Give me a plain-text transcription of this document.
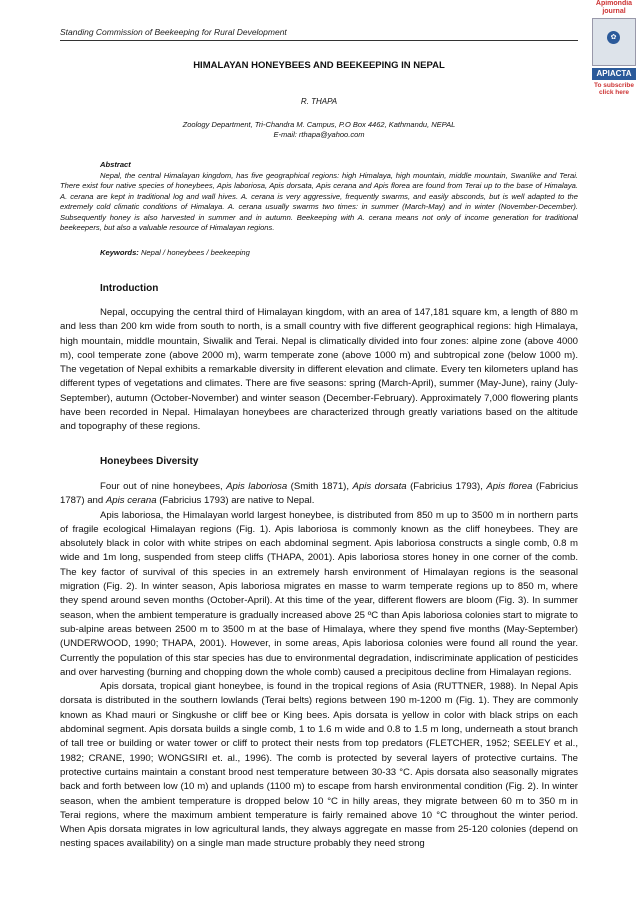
Standing Commission of Beekeeping for Rural Development
Apimondia journal
✿
APIACTA
To subscribe click here
HIMALAYAN HONEYBEES AND BEEKEEPING IN NEPAL
R. THAPA
Zoology Department, Tri-Chandra M. Campus, P.O Box 4462, Kathmandu, NEPAL
E-mail: rthapa@yahoo.com
Abstract

Nepal, the central Himalayan kingdom, has five geographical regions: high Himalaya, high mountain, middle mountain, Swanlike and Terai. There exist four native species of honeybees, Apis laboriosa, Apis dorsata, Apis cerana and Apis florea are found from Terai up to the base of Himalaya. A. cerana are kept in traditional log and wall hives. A. cerana is very aggressive, frequently swarms, and easily absconds, but is well adapted to the extremely cold climatic conditions of Himalaya. A. cerana usually swarms two times: in summer (March-May) and in winter (November-December). Subsequently honey is also harvested in summer and in autumn. Beekeeping with A. cerana means not only of income generation for traditional beekeepers, but also a valuable resource of Himalayan regions.

Keywords: Nepal / honeybees / beekeeping
Introduction

Nepal, occupying the central third of Himalayan kingdom, with an area of 147,181 square km, a length of 880 m and less than 200 km wide from south to north, is a small country with five different geographical regions: high Himalaya, high mountain, middle mountain, Siwalik and Terai. Nepal is climatically divided into four zones: alpine zone (above 4000 m), cool temperate zone (above 2000 m), warm temperate zone (above 1000 m) and subtropical zone (below 1000 m). The vegetation of Nepal exhibits a remarkable diversity in different elevation and climate. Every ten kilometers upland has different types of vegetations and climates. There are five seasons: spring (March-April), summer (May-June), rainy (July-September), autumn (October-November) and winter season (December-February). Approximately 7,000 flowering plants have been recorded in Nepal. Himalayan honeybees are characterized through greatly variations based on the altitude and topography of these regions.

Honeybees Diversity

Four out of nine honeybees, Apis laboriosa (Smith 1871), Apis dorsata (Fabricius 1793), Apis florea (Fabricius 1787) and Apis cerana (Fabricius 1793) are native to Nepal.

Apis laboriosa, the Himalayan world largest honeybee, is distributed from 850 m up to 3500 m in northern parts of fragile ecological Himalayan regions (Fig. 1). Apis laboriosa is commonly known as the cliff honeybees. They are absolutely black in color with white stripes on each abdominal segment. Apis laboriosa constructs a single comb, 0.8 m wide and 1m long, suspended from steep cliffs (THAPA, 2001). Apis laboriosa stores honey in one corner of the comb. The key factor of survival of this species in an extremely harsh environment of Himalayan regions is the seasonal migration (Fig. 2). In winter season, Apis laboriosa migrates en masse to warm temperate regions up to 850 m, where they spend around seven months (October-April). At this time of the year, different flowers are bloom (Fig. 3). In summer season, when the ambient temperature is gradually increased above 25 ºC than Apis laboriosa colonies start to migrate to sub-alpine areas between 2500 m to 3500 m at the base of Himalaya, where they spend five months (May-September) (UNDERWOOD, 1990; THAPA, 2001). However, in some areas, Apis laboriosa colonies were found all round the year. Currently the population of this star species has due to environmental degradation, indiscriminate application of pesticides and over harvesting (burning and chopping down the whole comb) caused a precipitous decline from Himalayan regions.

Apis dorsata, tropical giant honeybee, is found in the tropical regions of Asia (RUTTNER, 1988). In Nepal Apis dorsata is distributed in the southern lowlands (Terai belts) regions between 190 m-1200 m (Fig. 1). They are commonly known as Khad mauri or Singkushe or cliff bee or King bees. Apis dorsata is yellow in color with black strips on each abdominal segment. Apis dorsata builds a single comb, 1 to 1.6 m wide and 0.8 to 1.5 m long, underneath a stout branch of tall tree or building or water tower or cliff to protect their nests from top predators (FLETCHER, 1952; SEELEY et al., 1982; CRANE, 1990; WONGSIRI et. al., 1996). The comb is protected by several layers of protective curtains. The protective curtains maintain a constant brood nest temperature between 30-33 °C. Apis dorsata also seasonally migrates back and forth between low (10 m) and uplands (1100 m) to escape from harsh environmental condition (Fig. 2). In winter season, when the ambient temperature is dropped below 10 °C in hilly areas, they migrate between 60 m to 350 m in Terai regions, where the maximum ambient temperature is fairly remained above 10 °C throughout the winter period. When Apis dorsata migrates in low agricultural lands, they always aggregate en masse from 25-120 colonies (depend on nesting spaces availability) on a single man made structure probably they need strong
